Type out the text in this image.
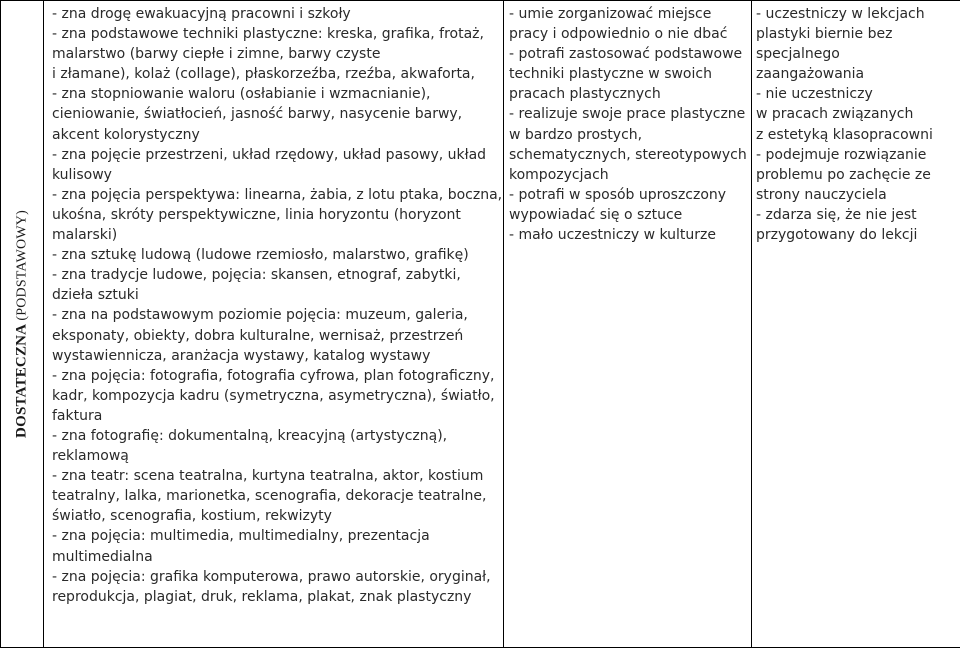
DOSTATECZNA (PODSTAWOWY)

- zna drogę ewakuacyjną pracowni i szkoły
- zna podstawowe techniki plastyczne: kreska, grafika, frotaż,
malarstwo (barwy ciepłe i zimne, barwy czyste
i złamane), kolaż (collage), płaskorzeźba, rzeźba, akwaforta,
- zna stopniowanie waloru (osłabianie i wzmacnianie),
cieniowanie, światłocień, jasność barwy, nasycenie barwy,
akcent kolorystyczny
- zna pojęcie przestrzeni, układ rzędowy, układ pasowy, układ
kulisowy
- zna pojęcia perspektywa: linearna, żabia, z lotu ptaka, boczna,
ukośna, skróty perspektywiczne, linia horyzontu (horyzont
malarski)
- zna sztukę ludową (ludowe rzemiosło, malarstwo, grafikę)
- zna tradycje ludowe, pojęcia: skansen, etnograf, zabytki,
dzieła sztuki
- zna na podstawowym poziomie pojęcia: muzeum, galeria,
eksponaty, obiekty, dobra kulturalne, wernisaż, przestrzeń
wystawiennicza, aranżacja wystawy, katalog wystawy
- zna pojęcia: fotografia, fotografia cyfrowa, plan fotograficzny,
kadr, kompozycja kadru (symetryczna, asymetryczna), światło,
faktura
- zna fotografię: dokumentalną, kreacyjną (artystyczną),
reklamową
- zna teatr: scena teatralna, kurtyna teatralna, aktor, kostium
teatralny, lalka, marionetka, scenografia, dekoracje teatralne,
światło, scenografia, kostium, rekwizyty
- zna pojęcia: multimedia, multimedialny, prezentacja
multimedialna
- zna pojęcia: grafika komputerowa, prawo autorskie, oryginał,
reprodukcja, plagiat, druk, reklama, plakat, znak plastyczny

- umie zorganizować miejsce
pracy i odpowiednio o nie dbać
- potrafi zastosować podstawowe
techniki plastyczne w swoich
pracach plastycznych
- realizuje swoje prace plastyczne
w bardzo prostych,
schematycznych, stereotypowych
kompozycjach
- potrafi w sposób uproszczony
wypowiadać się o sztuce
- mało uczestniczy w kulturze

- uczestniczy w lekcjach
plastyki biernie bez
specjalnego
zaangażowania
- nie uczestniczy
w pracach związanych
z estetyką klasopracowni
- podejmuje rozwiązanie
problemu po zachęcie ze
strony nauczyciela
- zdarza się, że nie jest
przygotowany do lekcji
